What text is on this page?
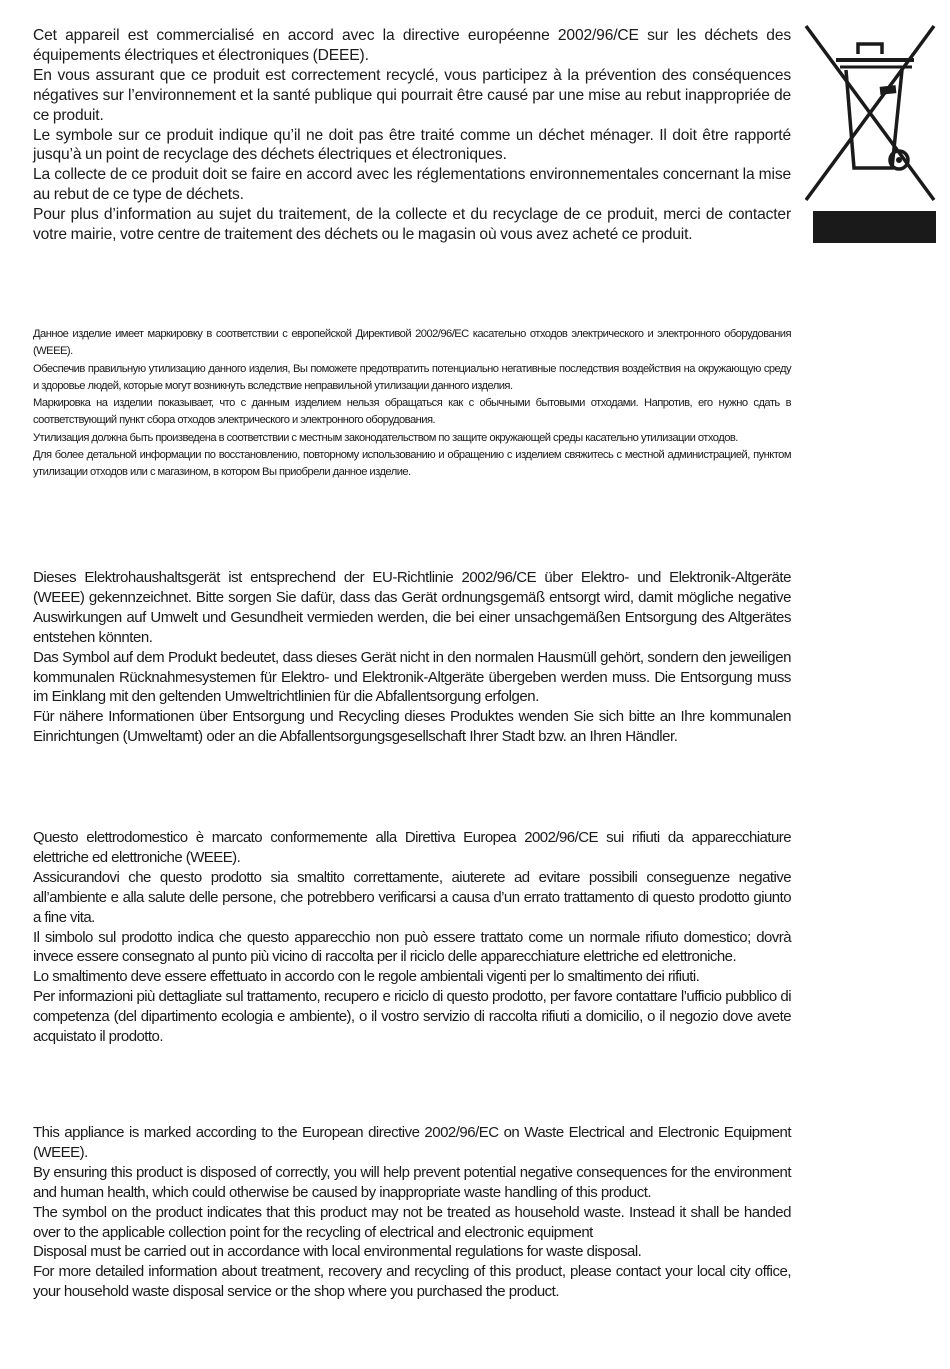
Cet appareil est commercialisé en accord avec la directive européenne 2002/96/CE sur les déchets des équipements électriques et électroniques (DEEE).

En vous assurant que ce produit est correctement recyclé, vous participez à la prévention des conséquences négatives sur l’environnement et la santé publique qui pourrait être causé par une mise au rebut inappropriée de ce produit.

Le symbole sur ce produit indique qu’il ne doit pas être traité comme un déchet ménager. Il doit être rapporté jusqu’à un point de recyclage des déchets électriques et électroniques.

La collecte de ce produit doit se faire en accord avec les réglementations environnementales concernant la mise au rebut de ce type de déchets.

Pour plus d’information au sujet du traitement, de la collecte et du recyclage de ce produit, merci de contacter votre mairie, votre centre de traitement des déchets ou le magasin où vous avez acheté ce produit.

Данное изделие имеет маркировку в соответствии с европейской Директивой 2002/96/ЕС касательно отходов электрического и электронного оборудования (WEEE).

Обеспечив правильную утилизацию данного изделия, Вы поможете предотвратить потенциально негативные последствия воздействия на окружающую среду и здоровье людей, которые могут возникнуть вследствие неправильной утилизации данного изделия.

Маркировка на изделии показывает, что с данным изделием нельзя обращаться как с обычными бытовыми отходами. Напротив, его нужно сдать в соответствующий пункт сбора отходов электрического и электронного оборудования.

Утилизация должна быть произведена в соответствии с местным законодательством по защите окружающей среды касательно утилизации отходов.

Для более детальной информации по восстановлению, повторному использованию и обращению с изделием свяжитесь с местной администрацией, пунктом утилизации отходов или с магазином, в котором Вы приобрели данное изделие.

Dieses Elektrohaushaltsgerät ist entsprechend der EU-Richtlinie 2002/96/CE über Elektro- und Elektronik-Altgeräte (WEEE) gekennzeichnet. Bitte sorgen Sie dafür, dass das Gerät ordnungsgemäß entsorgt wird, damit mögliche negative Auswirkungen auf Umwelt und Gesundheit vermieden werden, die bei einer unsachgemäßen Entsorgung des Altgerätes entstehen könnten.

Das Symbol auf dem Produkt bedeutet, dass dieses Gerät nicht in den normalen Hausmüll gehört, sondern den jeweiligen kommunalen Rücknahmesystemen für Elektro- und Elektronik-Altgeräte übergeben werden muss. Die Entsorgung muss im Einklang mit den geltenden Umweltrichtlinien für die Abfallentsorgung erfolgen.

Für nähere Informationen über Entsorgung und Recycling dieses Produktes wenden Sie sich bitte an Ihre kommunalen Einrichtungen (Umweltamt) oder an die Abfallentsorgungsgesellschaft Ihrer Stadt bzw. an Ihren Händler.

Questo elettrodomestico è marcato conformemente alla Direttiva Europea 2002/96/CE sui rifiuti da apparecchiature elettriche ed elettroniche (WEEE).

Assicurandovi che questo prodotto sia smaltito correttamente, aiuterete ad evitare possibili conseguenze negative all’ambiente e alla salute delle persone, che potrebbero verificarsi a causa d’un errato trattamento di questo prodotto giunto a fine vita.

Il simbolo sul prodotto indica che questo apparecchio non può essere trattato come un normale rifiuto domestico; dovrà invece essere consegnato al punto più vicino di raccolta per il riciclo delle apparecchiature elettriche ed elettroniche.

Lo smaltimento deve essere effettuato in accordo con le regole ambientali vigenti per lo smaltimento dei rifiuti.

Per informazioni più dettagliate sul trattamento, recupero e riciclo di questo prodotto, per favore contattare l’ufficio pubblico di competenza (del dipartimento ecologia e ambiente), o il vostro servizio di raccolta rifiuti a domicilio, o il negozio dove avete acquistato il prodotto.

This appliance is marked according to the European directive 2002/96/EC on Waste Electrical and Electronic Equipment (WEEE).

By ensuring this product is disposed of correctly, you will help prevent potential negative consequences for the environment and human health, which could otherwise be caused by inappropriate waste handling of this product.

The symbol on the product indicates that this product may not be treated as household waste. Instead it shall be handed over to the applicable collection point for the recycling of electrical and electronic equipment

Disposal must be carried out in accordance with local environmental regulations for waste disposal.

For more detailed information about treatment, recovery and recycling of this product, please contact your local city office, your household waste disposal service or the shop where you purchased the product.
